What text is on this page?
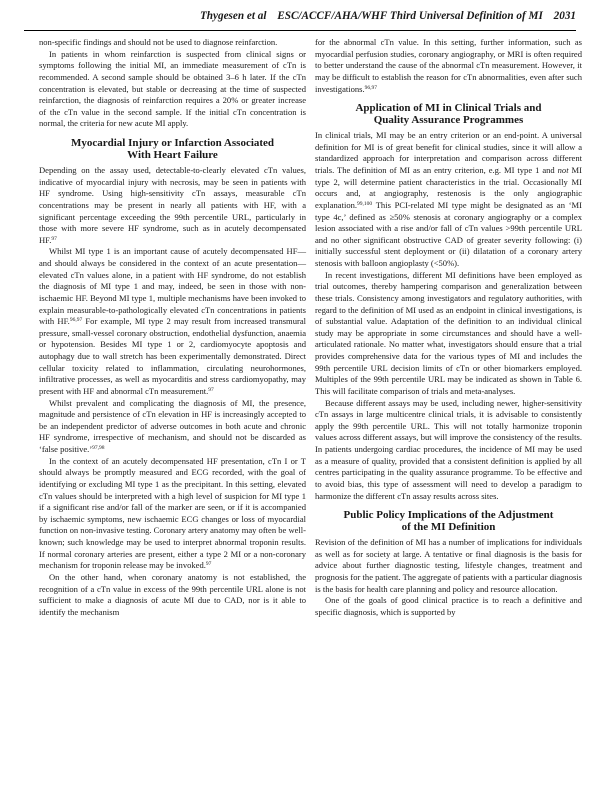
Thygesen et al ESC/ACCF/AHA/WHF Third Universal Definition of MI 2031

non-specific findings and should not be used to diagnose reinfarction.

In patients in whom reinfarction is suspected from clinical signs or symptoms following the initial MI, an immediate measurement of cTn is recommended. A second sample should be obtained 3–6 h later. If the cTn concentration is elevated, but stable or decreasing at the time of suspected reinfarction, the diagnosis of reinfarction requires a 20% or greater increase of the cTn value in the second sample. If the initial cTn concentration is normal, the criteria for new acute MI apply.

Myocardial Injury or Infarction Associated
With Heart Failure

Depending on the assay used, detectable-to-clearly elevated cTn values, indicative of myocardial injury with necrosis, may be seen in patients with HF syndrome. Using high-sensitivity cTn assays, measurable cTn concentrations may be present in nearly all patients with HF, with a significant percentage exceeding the 99th percentile URL, particularly in those with more severe HF syndrome, such as in acutely decompensated HF.$^{97}$

Whilst MI type 1 is an important cause of acutely decompensated HF—and should always be considered in the context of an acute presentation—elevated cTn values alone, in a patient with HF syndrome, do not establish the diagnosis of MI type 1 and may, indeed, be seen in those with non-ischaemic HF. Beyond MI type 1, multiple mechanisms have been invoked to explain measurable-to-pathologically elevated cTn concentrations in patients with HF.$^{96,97}$ For example, MI type 2 may result from increased transmural pressure, small-vessel coronary obstruction, endothelial dysfunction, anaemia or hypotension. Besides MI type 1 or 2, cardiomyocyte apoptosis and autophagy due to wall stretch has been experimentally demonstrated. Direct cellular toxicity related to inflammation, circulating neurohormones, infiltrative processes, as well as myocarditis and stress cardiomyopathy, may present with HF and abnormal cTn measurement.$^{97}$

Whilst prevalent and complicating the diagnosis of MI, the presence, magnitude and persistence of cTn elevation in HF is increasingly accepted to be an independent predictor of adverse outcomes in both acute and chronic HF syndrome, irrespective of mechanism, and should not be discarded as ‘false positive.’$^{97,98}$

In the context of an acutely decompensated HF presentation, cTn I or T should always be promptly measured and ECG recorded, with the goal of identifying or excluding MI type 1 as the precipitant. In this setting, elevated cTn values should be interpreted with a high level of suspicion for MI type 1 if a significant rise and/or fall of the marker are seen, or if it is accompanied by ischaemic symptoms, new ischaemic ECG changes or loss of myocardial function on non-invasive testing. Coronary artery anatomy may often be well-known; such knowledge may be used to interpret abnormal troponin results. If normal coronary arteries are present, either a type 2 MI or a non-coronary mechanism for troponin release may be invoked.$^{97}$

On the other hand, when coronary anatomy is not established, the recognition of a cTn value in excess of the 99th percentile URL alone is not sufficient to make a diagnosis of acute MI due to CAD, nor is it able to identify the mechanism

for the abnormal cTn value. In this setting, further information, such as myocardial perfusion studies, coronary angiography, or MRI is often required to better understand the cause of the abnormal cTn measurement. However, it may be difficult to establish the reason for cTn abnormalities, even after such investigations.$^{96,97}$

Application of MI in Clinical Trials and
Quality Assurance Programmes

In clinical trials, MI may be an entry criterion or an end-point. A universal definition for MI is of great benefit for clinical studies, since it will allow a standardized approach for interpretation and comparison across different trials. The definition of MI as an entry criterion, e.g. MI type 1 and not MI type 2, will determine patient characteristics in the trial. Occasionally MI occurs and, at angiography, restenosis is the only angiographic explanation.$^{99,100}$ This PCI-related MI type might be designated as an ‘MI type 4c,’ defined as ≥50% stenosis at coronary angiography or a complex lesion associated with a rise and/or fall of cTn values >99th percentile URL and no other significant obstructive CAD of greater severity following: (i) initially successful stent deployment or (ii) dilatation of a coronary artery stenosis with balloon angioplasty (<50%).

In recent investigations, different MI definitions have been employed as trial outcomes, thereby hampering comparison and generalization between these trials. Consistency among investigators and regulatory authorities, with regard to the definition of MI used as an endpoint in clinical investigations, is of substantial value. Adaptation of the definition to an individual clinical study may be appropriate in some circumstances and should have a well-articulated rationale. No matter what, investigators should ensure that a trial provides comprehensive data for the various types of MI and includes the 99th percentile URL decision limits of cTn or other biomarkers employed. Multiples of the 99th percentile URL may be indicated as shown in Table 6. This will facilitate comparison of trials and meta-analyses.

Because different assays may be used, including newer, higher-sensitivity cTn assays in large multicentre clinical trials, it is advisable to consistently apply the 99th percentile URL. This will not totally harmonize troponin values across different assays, but will improve the consistency of the results. In patients undergoing cardiac procedures, the incidence of MI may be used as a measure of quality, provided that a consistent definition is applied by all centres participating in the quality assurance programme. To be effective and to avoid bias, this type of assessment will need to develop a paradigm to harmonize the different cTn assay results across sites.

Public Policy Implications of the Adjustment
of the MI Definition

Revision of the definition of MI has a number of implications for individuals as well as for society at large. A tentative or final diagnosis is the basis for advice about further diagnostic testing, lifestyle changes, treatment and prognosis for the patient. The aggregate of patients with a particular diagnosis is the basis for health care planning and policy and resource allocation.

One of the goals of good clinical practice is to reach a definitive and specific diagnosis, which is supported by
